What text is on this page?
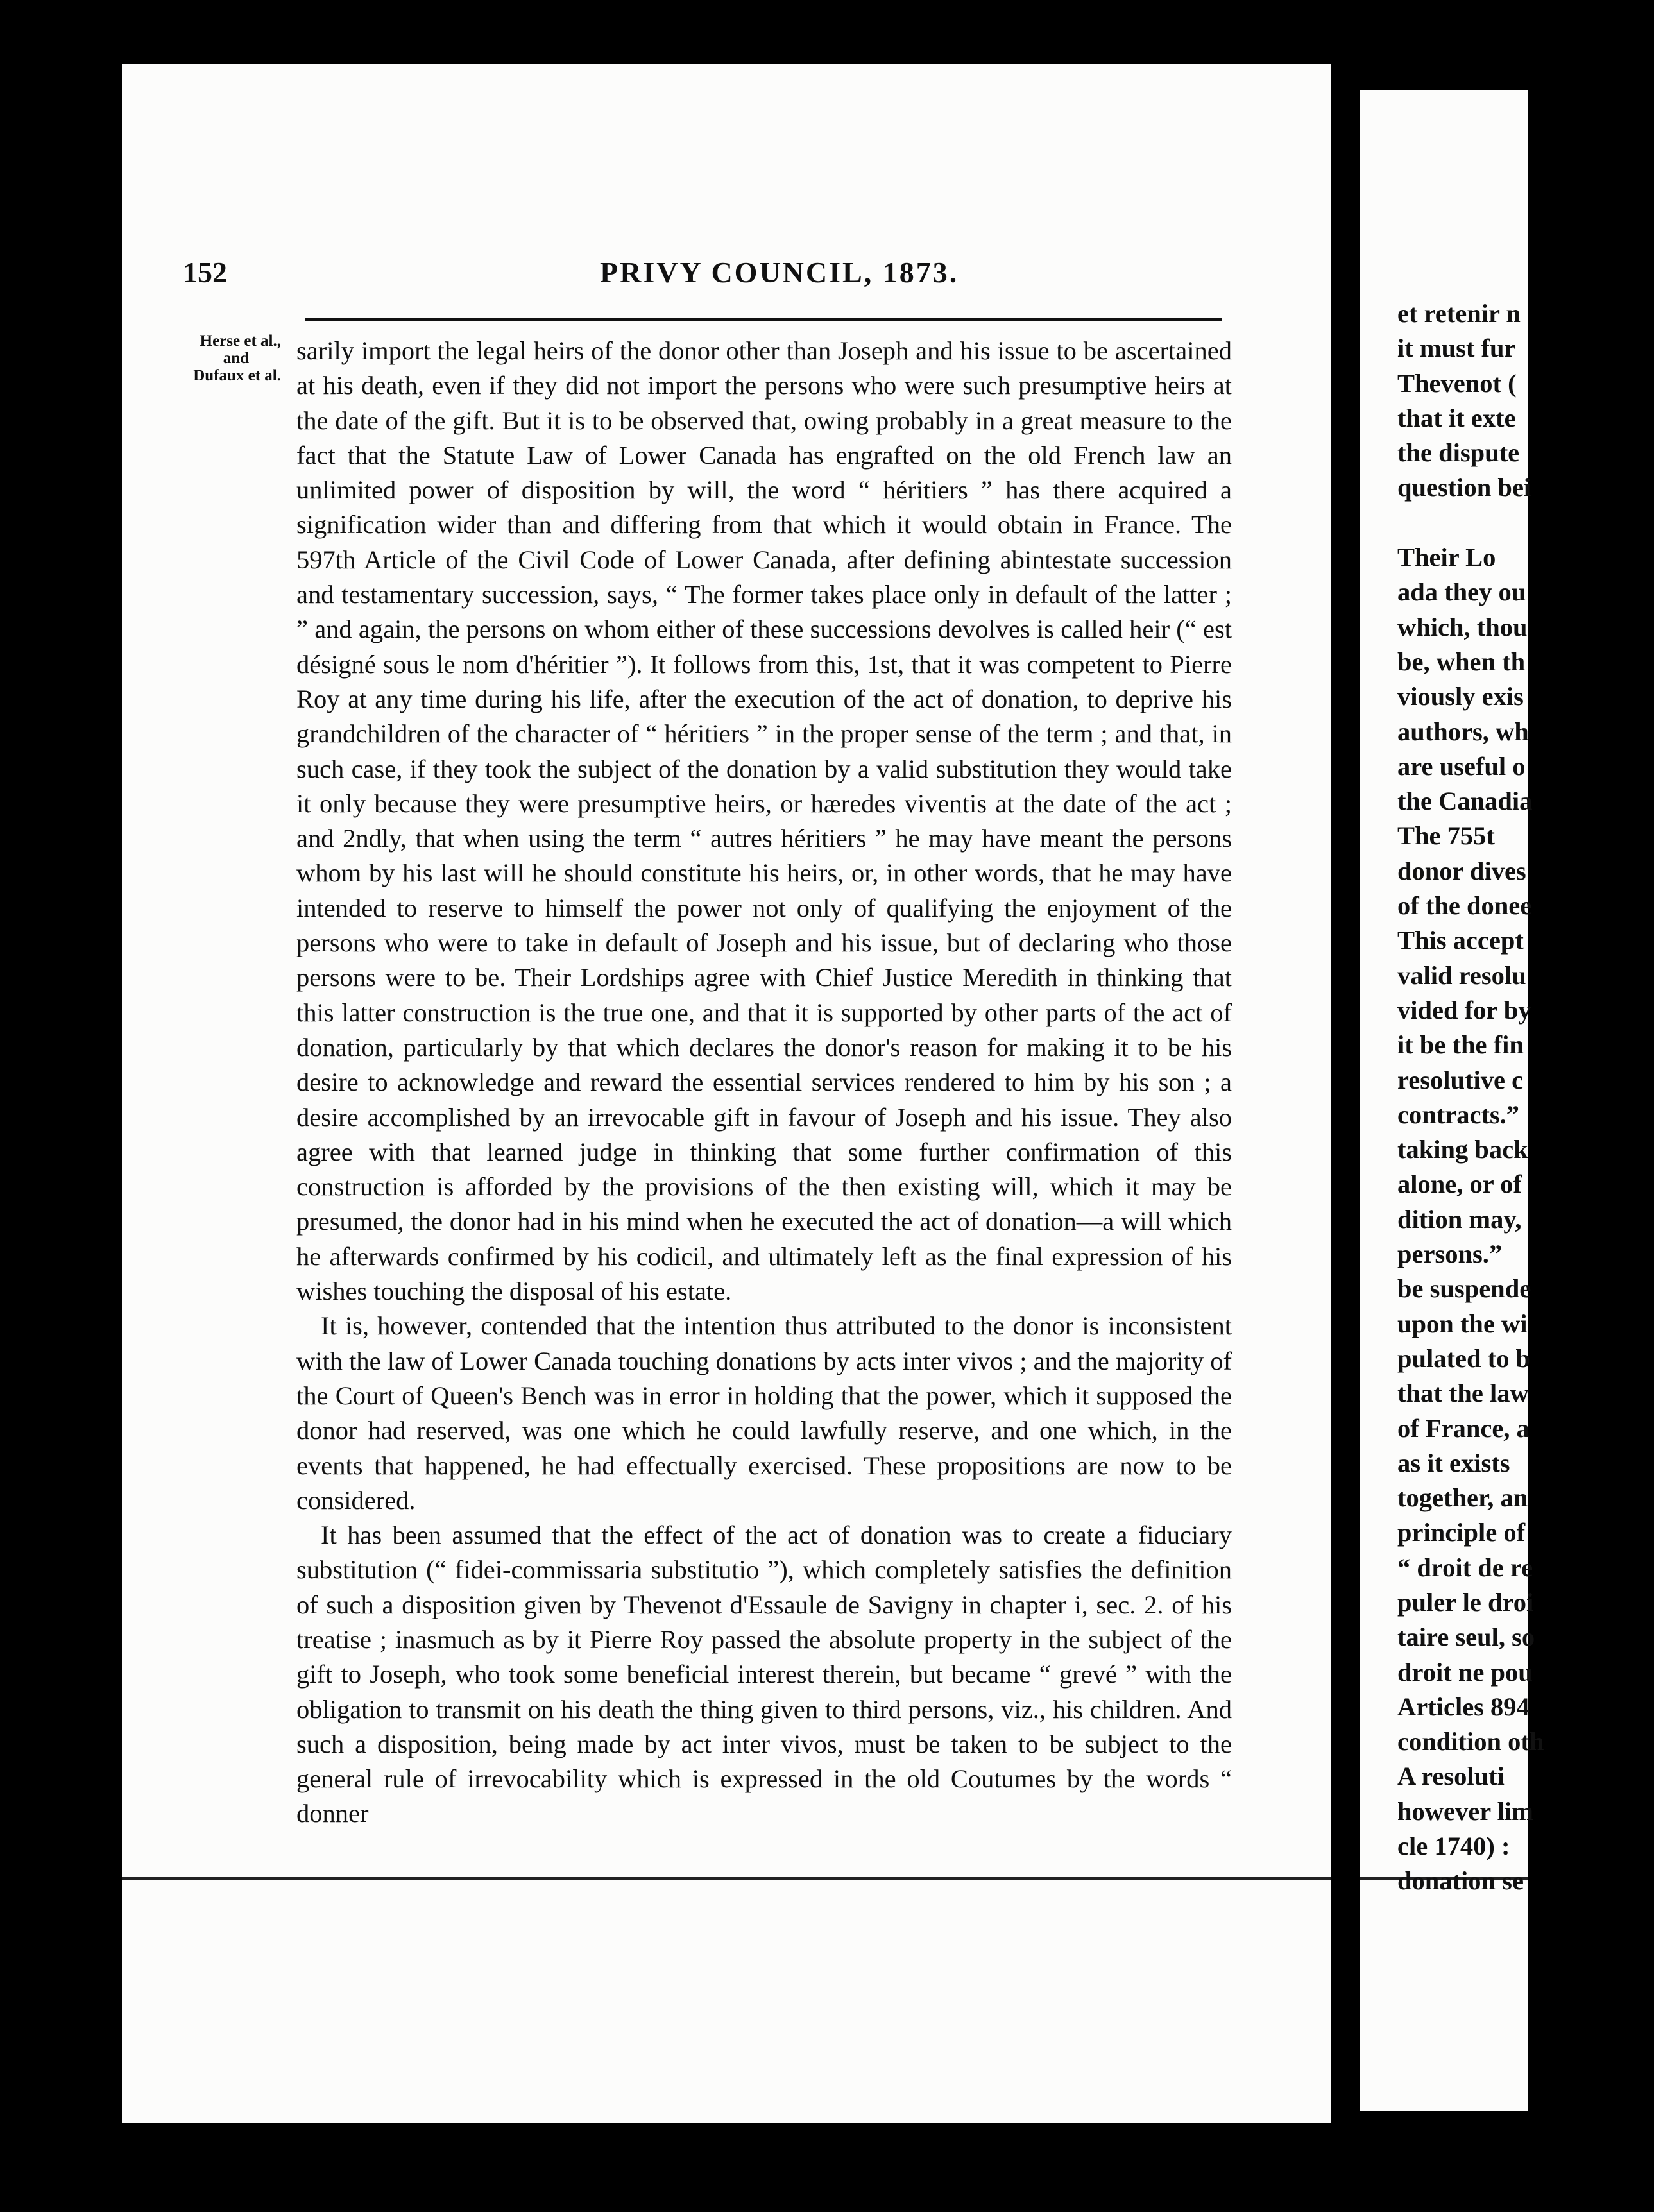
152	PRIVY COUNCIL, 1873.
Herse et al.,
and
Dufaux et al.

sarily import the legal heirs of the donor other than Joseph and his issue to be ascertained at his death, even if they did not import the persons who were such presumptive heirs at the date of the gift. But it is to be observed that, owing probably in a great measure to the fact that the Statute Law of Lower Canada has engrafted on the old French law an unlimited power of disposition by will, the word “ héritiers ” has there acquired a signification wider than and differing from that which it would obtain in France. The 597th Article of the Civil Code of Lower Canada, after defining abintestate succession and testamentary succession, says, “ The former takes place only in default of the latter ; ” and again, the persons on whom either of these successions devolves is called heir (“ est désigné sous le nom d'héritier ”). It follows from this, 1st, that it was competent to Pierre Roy at any time during his life, after the execution of the act of donation, to deprive his grandchildren of the character of “ héritiers ” in the proper sense of the term ; and that, in such case, if they took the subject of the donation by a valid substitution they would take it only because they were presumptive heirs, or hæredes viventis at the date of the act ; and 2ndly, that when using the term “ autres héritiers ” he may have meant the persons whom by his last will he should constitute his heirs, or, in other words, that he may have intended to reserve to himself the power not only of qualifying the enjoyment of the persons who were to take in default of Joseph and his issue, but of declaring who those persons were to be. Their Lordships agree with Chief Justice Meredith in thinking that this latter construction is the true one, and that it is supported by other parts of the act of donation, particularly by that which declares the donor's reason for making it to be his desire to acknowledge and reward the essential services rendered to him by his son ; a desire accomplished by an irrevocable gift in favour of Joseph and his issue. They also agree with that learned judge in thinking that some further confirmation of this construction is afforded by the provisions of the then existing will, which it may be presumed, the donor had in his mind when he executed the act of donation—a will which he afterwards confirmed by his codicil, and ultimately left as the final expression of his wishes touching the disposal of his estate.

It is, however, contended that the intention thus attributed to the donor is inconsistent with the law of Lower Canada touching donations by acts inter vivos ; and the majority of the Court of Queen's Bench was in error in holding that the power, which it supposed the donor had reserved, was one which he could lawfully reserve, and one which, in the events that happened, he had effectually exercised. These propositions are now to be considered.

It has been assumed that the effect of the act of donation was to create a fiduciary substitution (“ fidei-commissaria substitutio ”), which completely satisfies the definition of such a disposition given by Thevenot d'Essaule de Savigny in chapter i, sec. 2. of his treatise ; inasmuch as by it Pierre Roy passed the absolute property in the subject of the gift to Joseph, who took some beneficial interest therein, but became “ grevé ” with the obligation to transmit on his death the thing given to third persons, viz., his children. And such a disposition, being made by act inter vivos, must be taken to be subject to the general rule of irrevocability which is expressed in the old Coutumes by the words “ donner

et retenir n
it must fur
Thevenot (
that it exte
the dispute
question bei
Their Lo
ada they ou
which, thou
be, when th
viously exis
authors, wh
are useful o
the Canadia
The 755t
donor dives
of the donee
This accept
valid resolu
vided for by
it be the fin
resolutive c
contracts.”
taking back
alone, or of
dition may,
persons.”
be suspende
upon the wi
pulated to b
that the law
of France, a
as it exists
together, an
principle of
“ droit de re
puler le droi
taire seul, so
droit ne pou
Articles 894
condition oth
A resoluti
however lim
cle 1740) :
donation se
